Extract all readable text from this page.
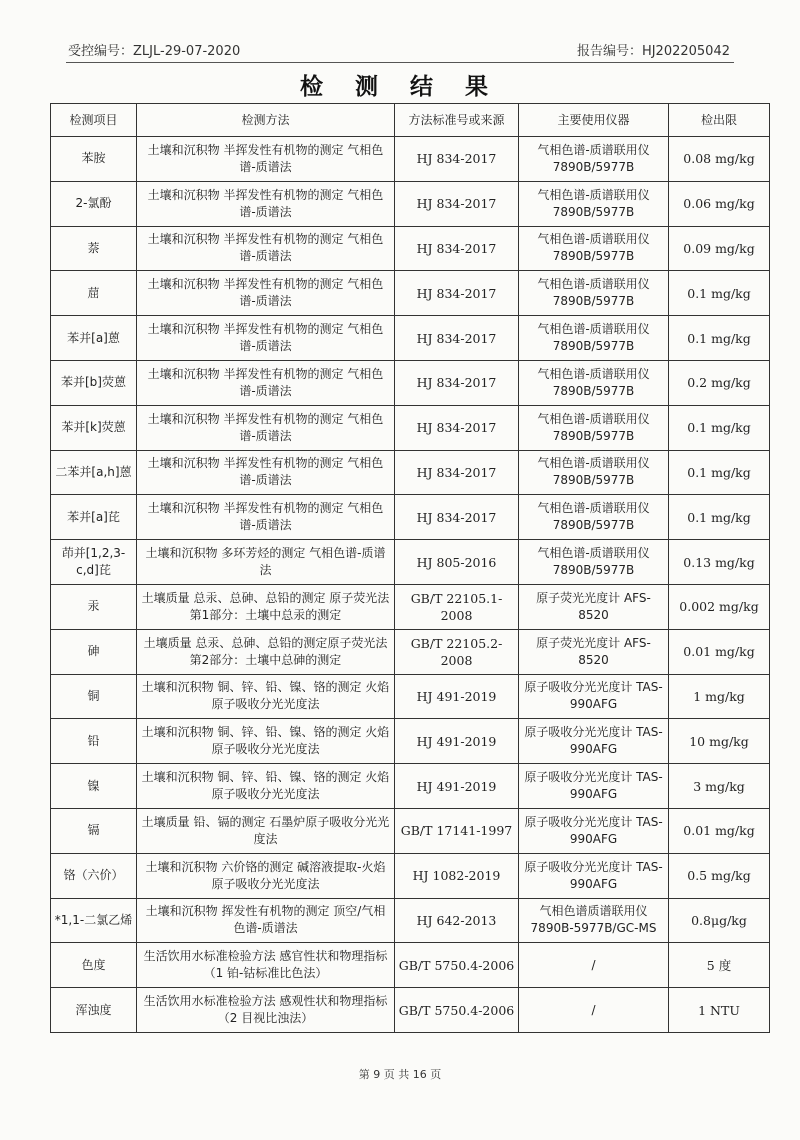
受控编号：ZLJL-29-07-2020	报告编号：HJ202205042
检 测 结 果
检测项目	检测方法	方法标准号或来源	主要使用仪器	检出限
苯胺	土壤和沉积物 半挥发性有机物的测定 气相色谱-质谱法	HJ 834-2017	气相色谱-质谱联用仪 7890B/5977B	0.08 mg/kg
2-氯酚	土壤和沉积物 半挥发性有机物的测定 气相色谱-质谱法	HJ 834-2017	气相色谱-质谱联用仪 7890B/5977B	0.06 mg/kg
萘	土壤和沉积物 半挥发性有机物的测定 气相色谱-质谱法	HJ 834-2017	气相色谱-质谱联用仪 7890B/5977B	0.09 mg/kg
䓛	土壤和沉积物 半挥发性有机物的测定 气相色谱-质谱法	HJ 834-2017	气相色谱-质谱联用仪 7890B/5977B	0.1 mg/kg
苯并[a]蒽	土壤和沉积物 半挥发性有机物的测定 气相色谱-质谱法	HJ 834-2017	气相色谱-质谱联用仪 7890B/5977B	0.1 mg/kg
苯并[b]荧蒽	土壤和沉积物 半挥发性有机物的测定 气相色谱-质谱法	HJ 834-2017	气相色谱-质谱联用仪 7890B/5977B	0.2 mg/kg
苯并[k]荧蒽	土壤和沉积物 半挥发性有机物的测定 气相色谱-质谱法	HJ 834-2017	气相色谱-质谱联用仪 7890B/5977B	0.1 mg/kg
二苯并[a,h]蒽	土壤和沉积物 半挥发性有机物的测定 气相色谱-质谱法	HJ 834-2017	气相色谱-质谱联用仪 7890B/5977B	0.1 mg/kg
苯并[a]芘	土壤和沉积物 半挥发性有机物的测定 气相色谱-质谱法	HJ 834-2017	气相色谱-质谱联用仪 7890B/5977B	0.1 mg/kg
茚并[1,2,3-c,d]芘	土壤和沉积物 多环芳烃的测定 气相色谱-质谱法	HJ 805-2016	气相色谱-质谱联用仪 7890B/5977B	0.13 mg/kg
汞	土壤质量 总汞、总砷、总铅的测定 原子荧光法 第1部分：土壤中总汞的测定	GB/T 22105.1-2008	原子荧光光度计 AFS-8520	0.002 mg/kg
砷	土壤质量 总汞、总砷、总铅的测定原子荧光法 第2部分：土壤中总砷的测定	GB/T 22105.2-2008	原子荧光光度计 AFS-8520	0.01 mg/kg
铜	土壤和沉积物 铜、锌、铅、镍、铬的测定 火焰原子吸收分光光度法	HJ 491-2019	原子吸收分光光度计 TAS-990AFG	1 mg/kg
铅	土壤和沉积物 铜、锌、铅、镍、铬的测定 火焰原子吸收分光光度法	HJ 491-2019	原子吸收分光光度计 TAS-990AFG	10 mg/kg
镍	土壤和沉积物 铜、锌、铅、镍、铬的测定 火焰原子吸收分光光度法	HJ 491-2019	原子吸收分光光度计 TAS-990AFG	3 mg/kg
镉	土壤质量 铅、镉的测定 石墨炉原子吸收分光光度法	GB/T 17141-1997	原子吸收分光光度计 TAS-990AFG	0.01 mg/kg
铬（六价）	土壤和沉积物 六价铬的测定 碱溶液提取-火焰原子吸收分光光度法	HJ 1082-2019	原子吸收分光光度计 TAS-990AFG	0.5 mg/kg
*1,1-二氯乙烯	土壤和沉积物 挥发性有机物的测定 顶空/气相色谱-质谱法	HJ 642-2013	气相色谱质谱联用仪 7890B-5977B/GC-MS	0.8μg/kg
色度	生活饮用水标准检验方法 感官性状和物理指标（1 铂-钴标准比色法）	GB/T 5750.4-2006	/	5 度
浑浊度	生活饮用水标准检验方法 感观性状和物理指标（2 目视比浊法）	GB/T 5750.4-2006	/	1 NTU
第 9 页 共 16 页
